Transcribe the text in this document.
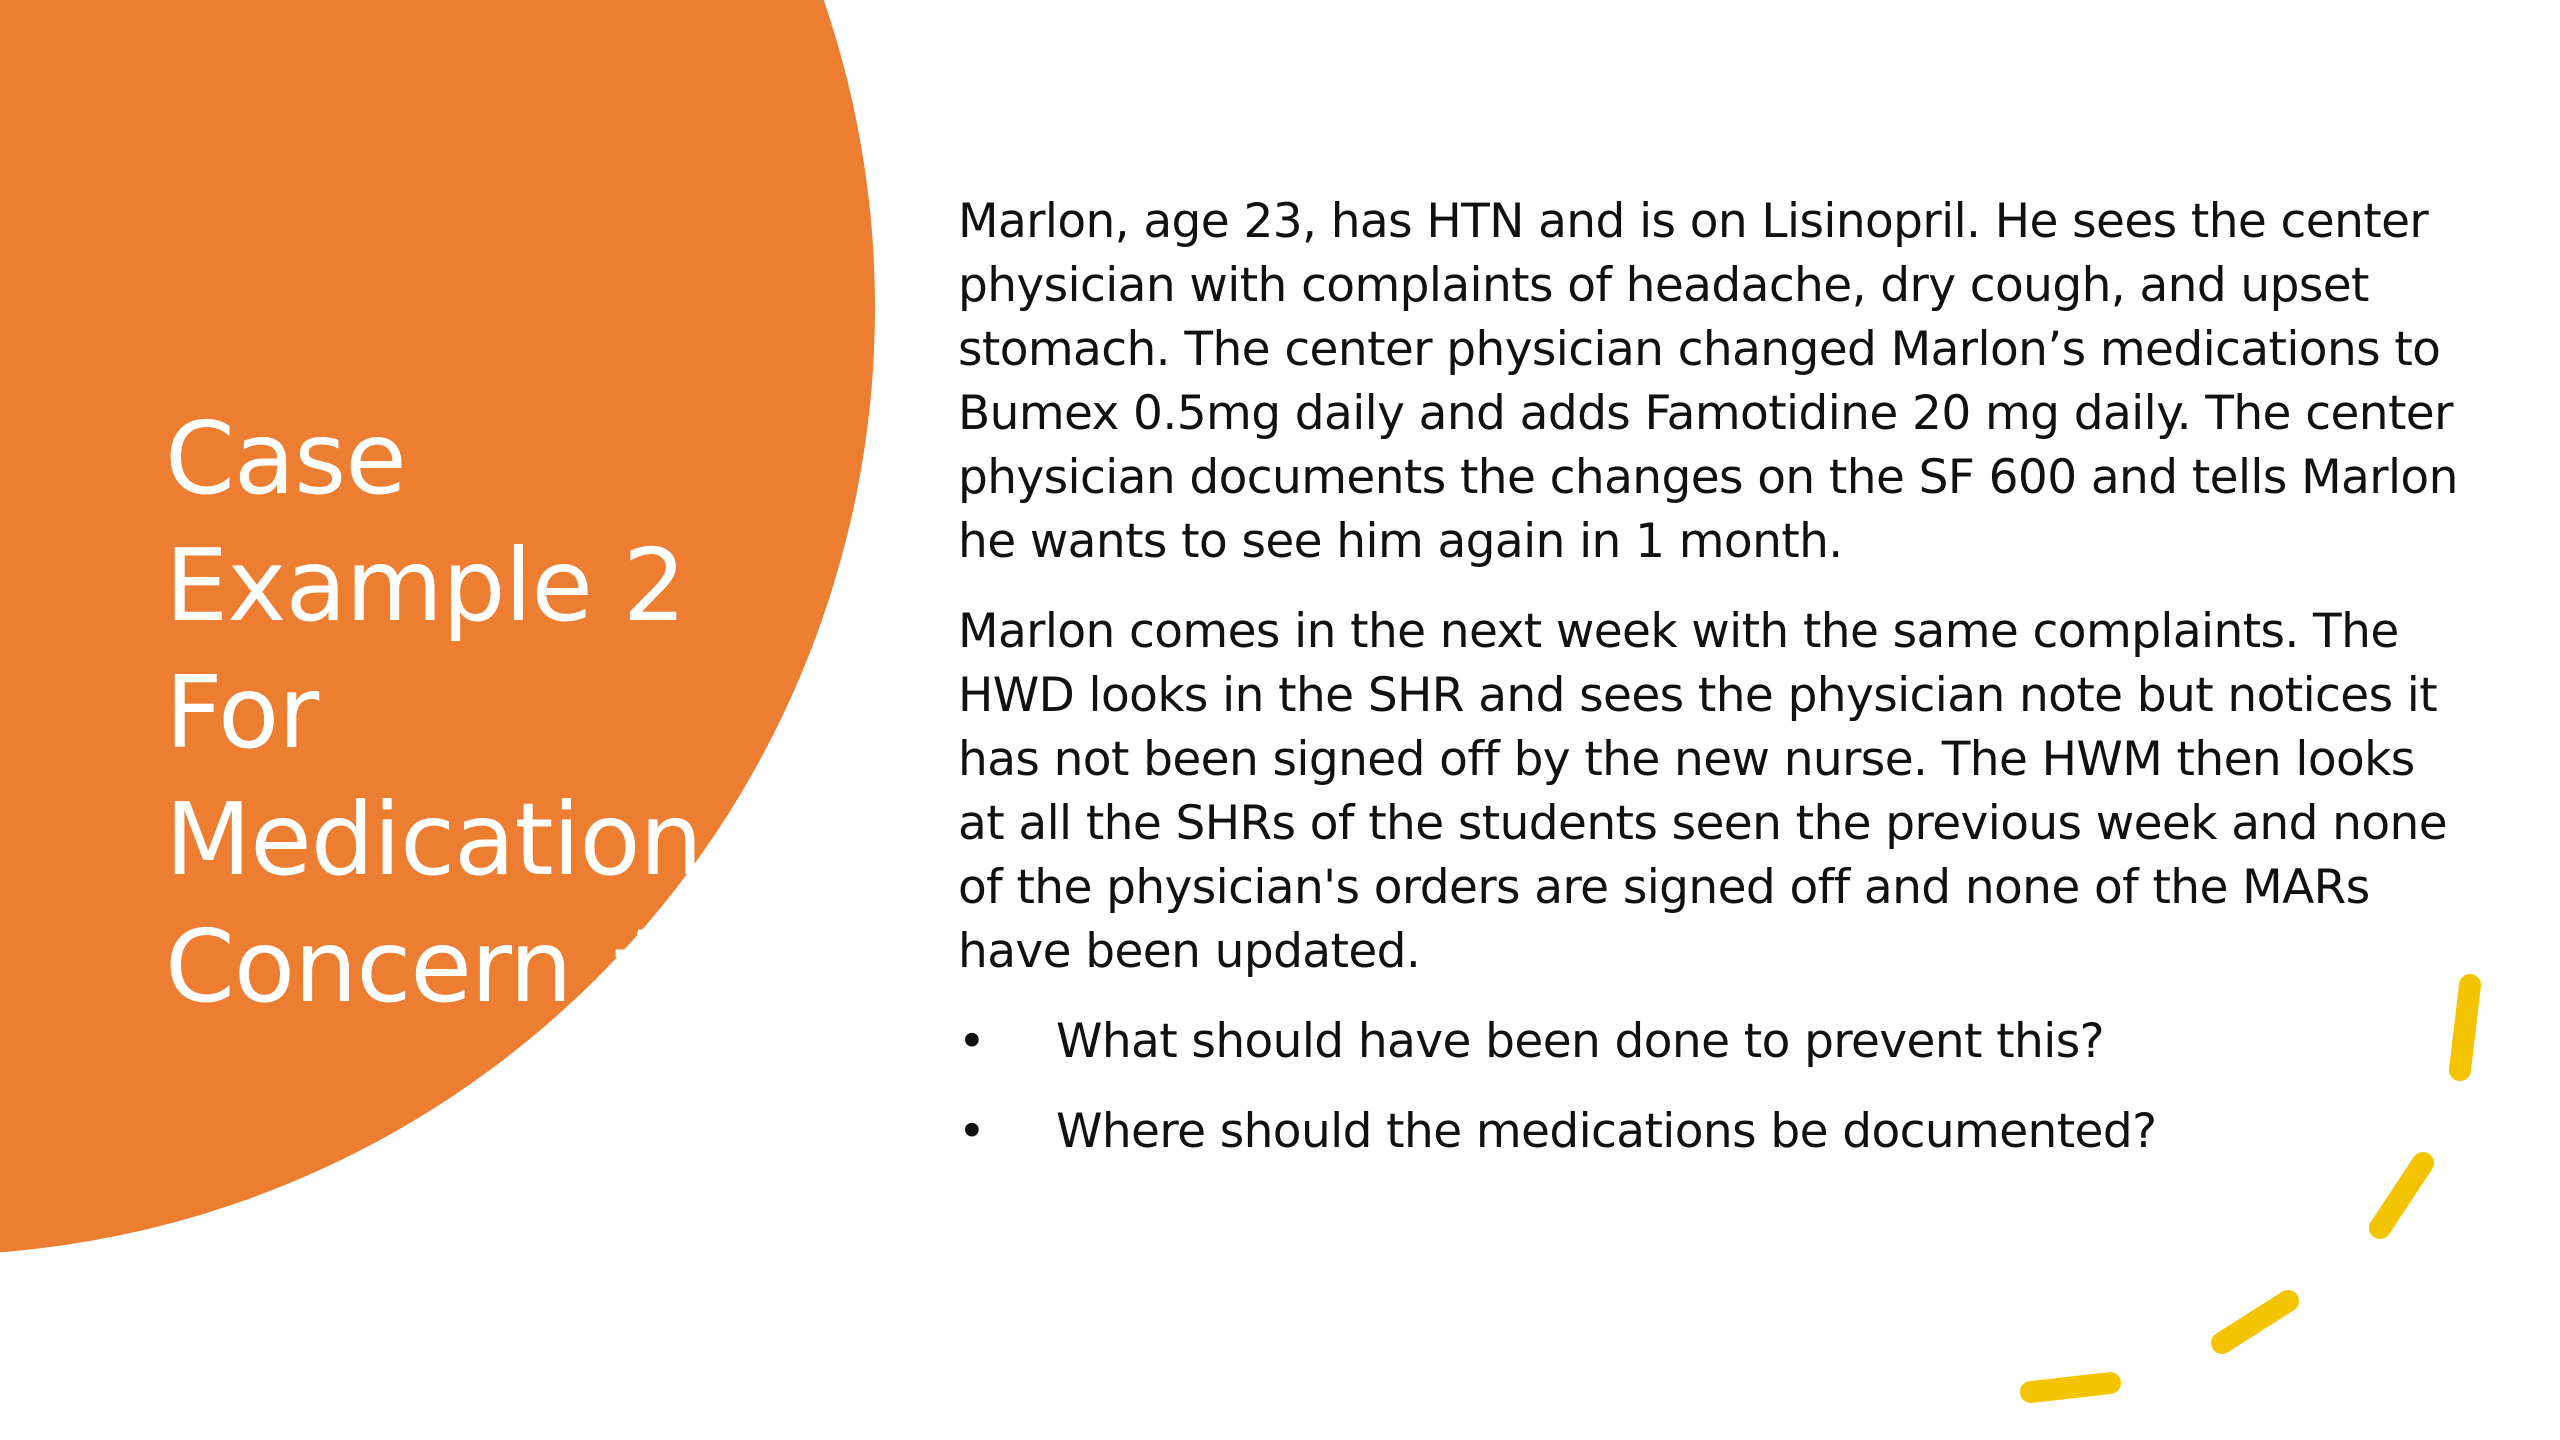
Case
Example 2
For
Medication
Concern #7

Marlon, age 23, has HTN and is on Lisinopril. He sees the center physician with complaints of headache, dry cough, and upset stomach. The center physician changed Marlon’s medications to Bumex 0.5mg daily and adds Famotidine 20 mg daily. The center physician documents the changes on the SF 600 and tells Marlon he wants to see him again in 1 month.

Marlon comes in the next week with the same complaints. The HWD looks in the SHR and sees the physician note but notices it has not been signed off by the new nurse. The HWM then looks at all the SHRs of the students seen the previous week and none of the physician's orders are signed off and none of the MARs have been updated.

• What should have been done to prevent this?
• Where should the medications be documented?
